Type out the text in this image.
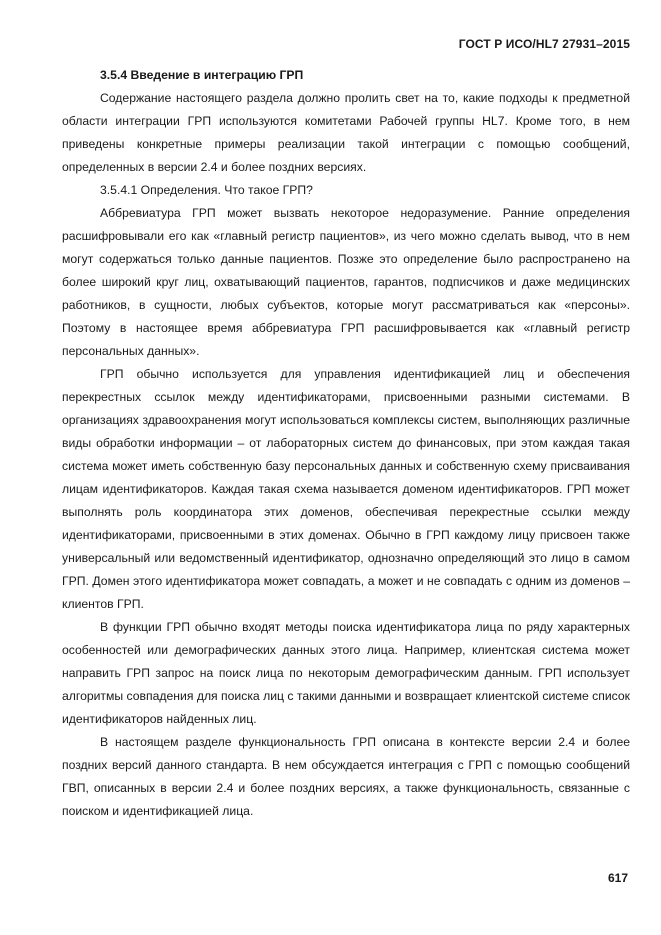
ГОСТ Р ИСО/HL7 27931–2015

3.5.4 Введение в интеграцию ГРП

Содержание настоящего раздела должно пролить свет на то, какие подходы к предметной области интеграции ГРП используются комитетами Рабочей группы HL7. Кроме того, в нем приведены конкретные примеры реализации такой интеграции с помощью сообщений, определенных в версии 2.4 и более поздних версиях.

3.5.4.1 Определения. Что такое ГРП?

Аббревиатура ГРП может вызвать некоторое недоразумение. Ранние определения расшифровывали его как «главный регистр пациентов», из чего можно сделать вывод, что в нем могут содержаться только данные пациентов. Позже это определение было распространено на более широкий круг лиц, охватывающий пациентов, гарантов, подписчиков и даже медицинских работников, в сущности, любых субъектов, которые могут рассматриваться как «персоны». Поэтому в настоящее время аббревиатура ГРП расшифровывается как «главный регистр персональных данных».

ГРП обычно используется для управления идентификацией лиц и обеспечения перекрестных ссылок между идентификаторами, присвоенными разными системами. В организациях здравоохранения могут использоваться комплексы систем, выполняющих различные виды обработки информации – от лабораторных систем до финансовых, при этом каждая такая система может иметь собственную базу персональных данных и собственную схему присваивания лицам идентификаторов. Каждая такая схема называется доменом идентификаторов. ГРП может выполнять роль координатора этих доменов, обеспечивая перекрестные ссылки между идентификаторами, присвоенными в этих доменах. Обычно в ГРП каждому лицу присвоен также универсальный или ведомственный идентификатор, однозначно определяющий это лицо в самом ГРП. Домен этого идентификатора может совпадать, а может и не совпадать с одним из доменов – клиентов ГРП.

В функции ГРП обычно входят методы поиска идентификатора лица по ряду характерных особенностей или демографических данных этого лица. Например, клиентская система может направить ГРП запрос на поиск лица по некоторым демографическим данным. ГРП использует алгоритмы совпадения для поиска лиц с такими данными и возвращает клиентской системе список идентификаторов найденных лиц.

В настоящем разделе функциональность ГРП описана в контексте версии 2.4 и более поздних версий данного стандарта. В нем обсуждается интеграция с ГРП с помощью сообщений ГВП, описанных в версии 2.4 и более поздних версиях, а также функциональность, связанные с поиском и идентификацией лица.

617
